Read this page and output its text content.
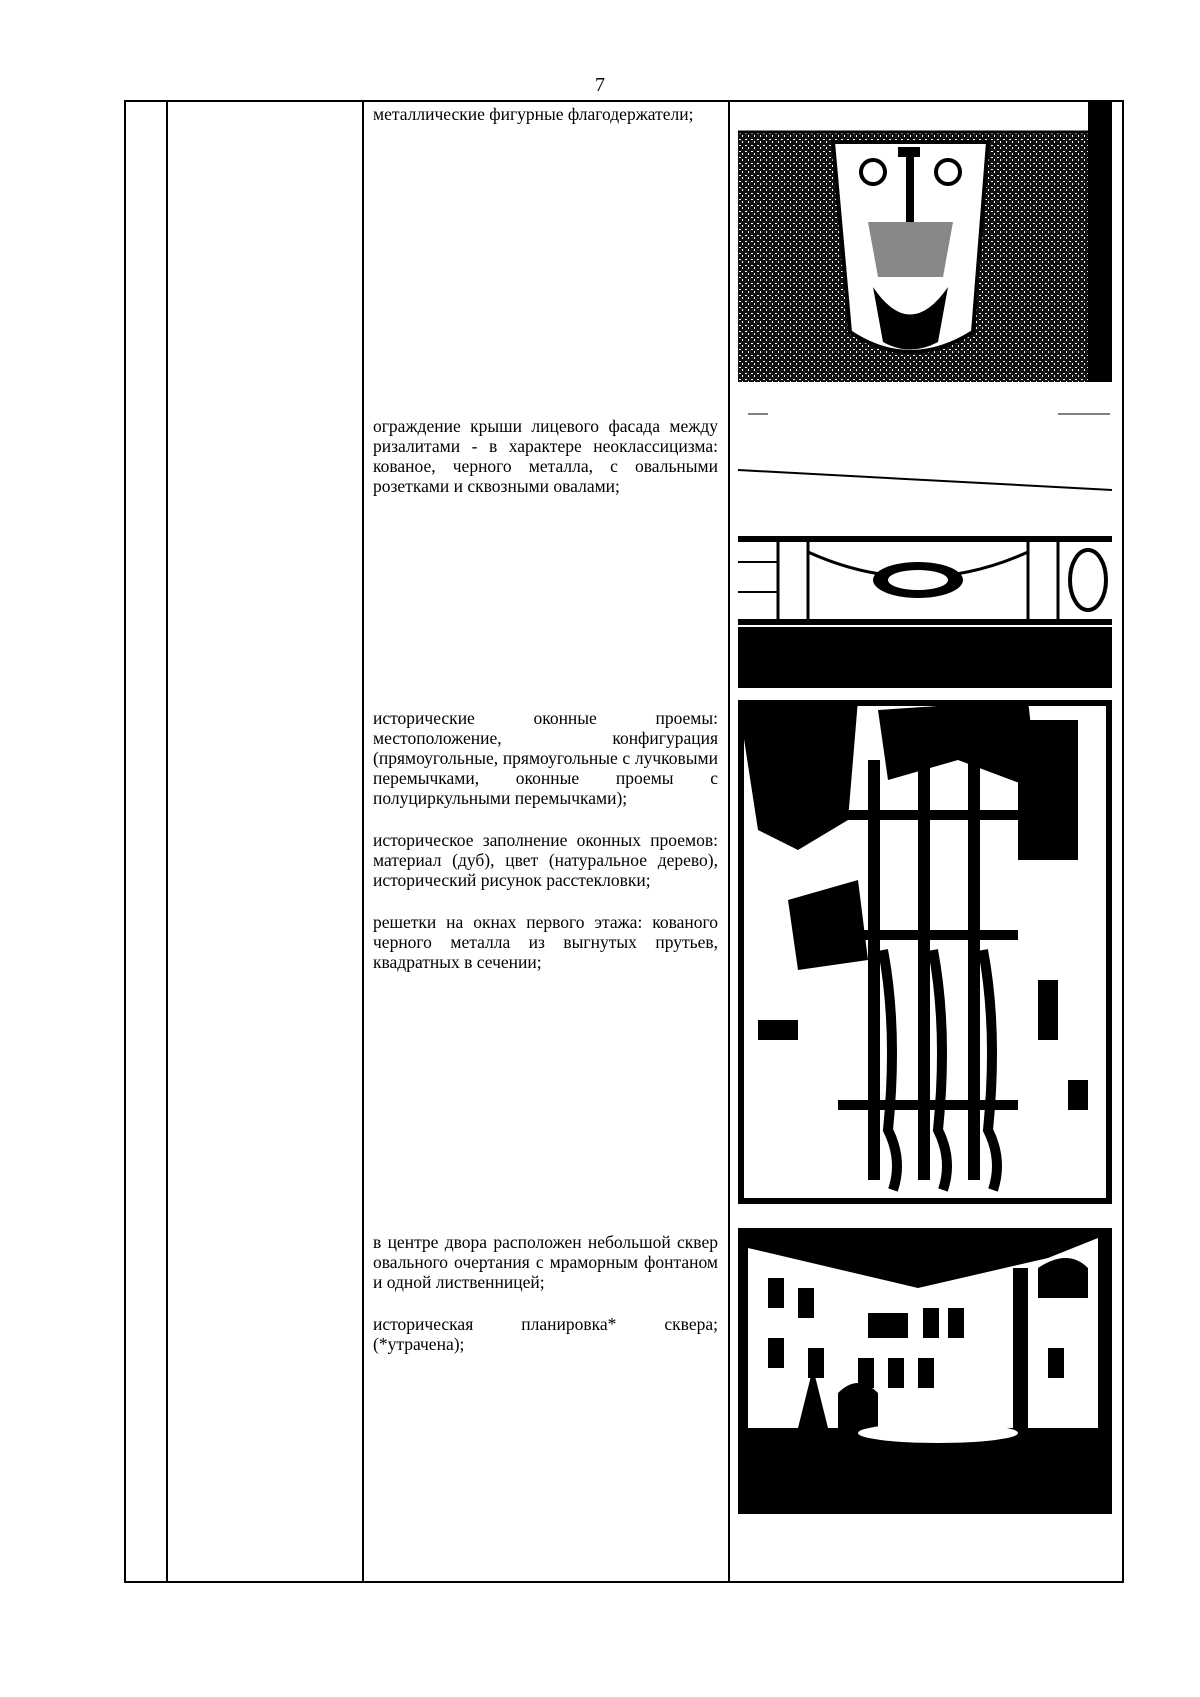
7

металлические фигурные флагодержатели;

ограждение крыши лицевого фасада между ризалитами - в характере неоклассицизма: кованое, черного металла, с овальными розетками и сквозными овалами;

исторические оконные проемы: местоположение, конфигурация (прямоугольные, прямоугольные с лучковыми перемычками, оконные проемы с полуциркульными перемычками);

историческое заполнение оконных проемов: материал (дуб), цвет (натуральное дерево), исторический рисунок расстекловки;

решетки на окнах первого этажа: кованого черного металла из выгнутых прутьев, квадратных в сечении;

в центре двора расположен небольшой сквер овального очертания с мраморным фонтаном и одной лиственницей;

историческая планировка* сквера; (*утрачена);
